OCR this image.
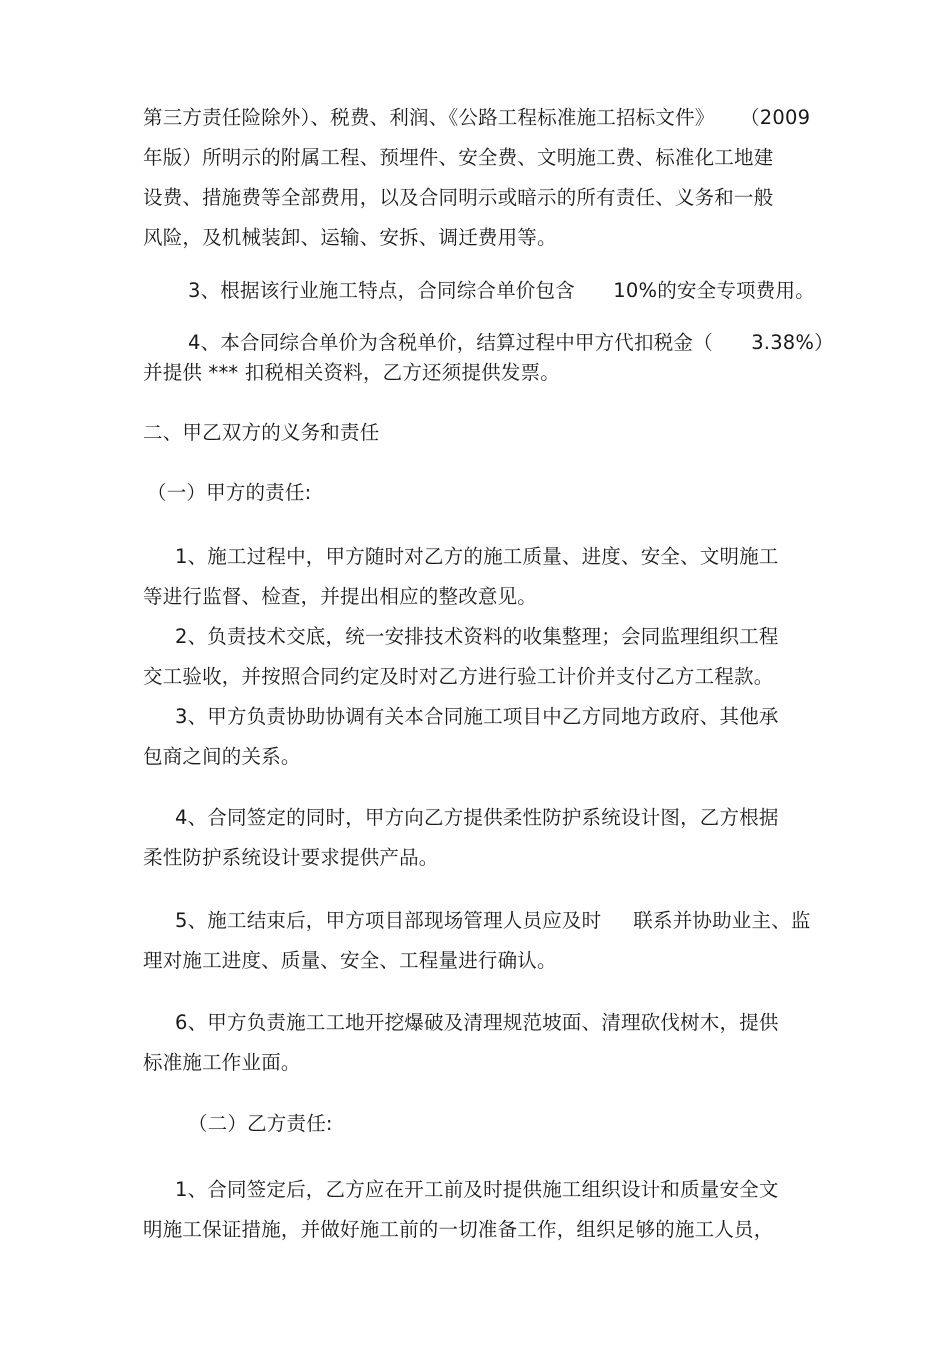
第三方责任险除外）、税费、利润、《公路工程标准施工招标文件》    （2009
年版）所明示的附属工程、预埋件、安全费、文明施工费、标准化工地建
设费、措施费等全部费用，以及合同明示或暗示的所有责任、义务和一般
风险，及机械装卸、运输、安拆、调迁费用等。
3、根据该行业施工特点，合同综合单价包含      10%的安全专项费用。
4、本合同综合单价为含税单价，结算过程中甲方代扣税金（      3.38%）
并提供 *** 扣税相关资料，乙方还须提供发票。
二、甲乙双方的义务和责任
（一）甲方的责任:
1、施工过程中，甲方随时对乙方的施工质量、进度、安全、文明施工
等进行监督、检查，并提出相应的整改意见。
2、负责技术交底，统一安排技术资料的收集整理；会同监理组织工程
交工验收，并按照合同约定及时对乙方进行验工计价并支付乙方工程款。
3、甲方负责协助协调有关本合同施工项目中乙方同地方政府、其他承
包商之间的关系。
4、合同签定的同时，甲方向乙方提供柔性防护系统设计图，乙方根据
柔性防护系统设计要求提供产品。
5、施工结束后，甲方项目部现场管理人员应及时     联系并协助业主、监
理对施工进度、质量、安全、工程量进行确认。
6、甲方负责施工工地开挖爆破及清理规范坡面、清理砍伐树木，提供
标准施工作业面。
（二）乙方责任:
1、合同签定后，乙方应在开工前及时提供施工组织设计和质量安全文
明施工保证措施，并做好施工前的一切准备工作，组织足够的施工人员，
